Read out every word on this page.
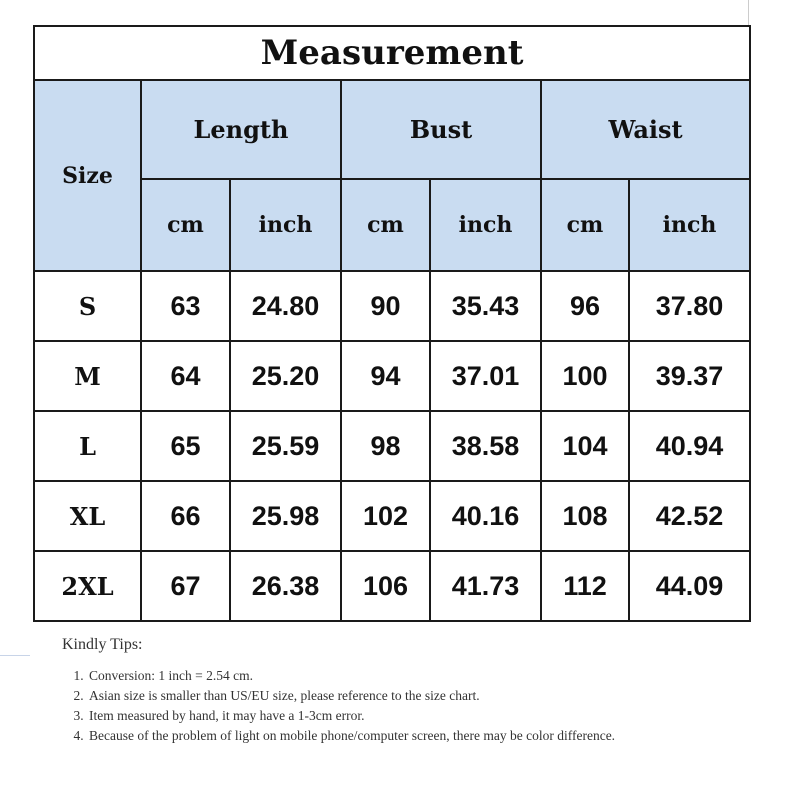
Measurement						
Size	Length		Bust		Waist	
	cm	inch	cm	inch	cm	inch
S	63	24.80	90	35.43	96	37.80
M	64	25.20	94	37.01	100	39.37
L	65	25.59	98	38.58	104	40.94
XL	66	25.98	102	40.16	108	42.52
2XL	67	26.38	106	41.73	112	44.09
Kindly Tips:
1. Conversion: 1 inch = 2.54 cm.
2. Asian size is smaller than US/EU size, please reference to the size chart.
3. Item measured by hand, it may have a 1-3cm error.
4. Because of the problem of light on mobile phone/computer screen, there may be color difference.
